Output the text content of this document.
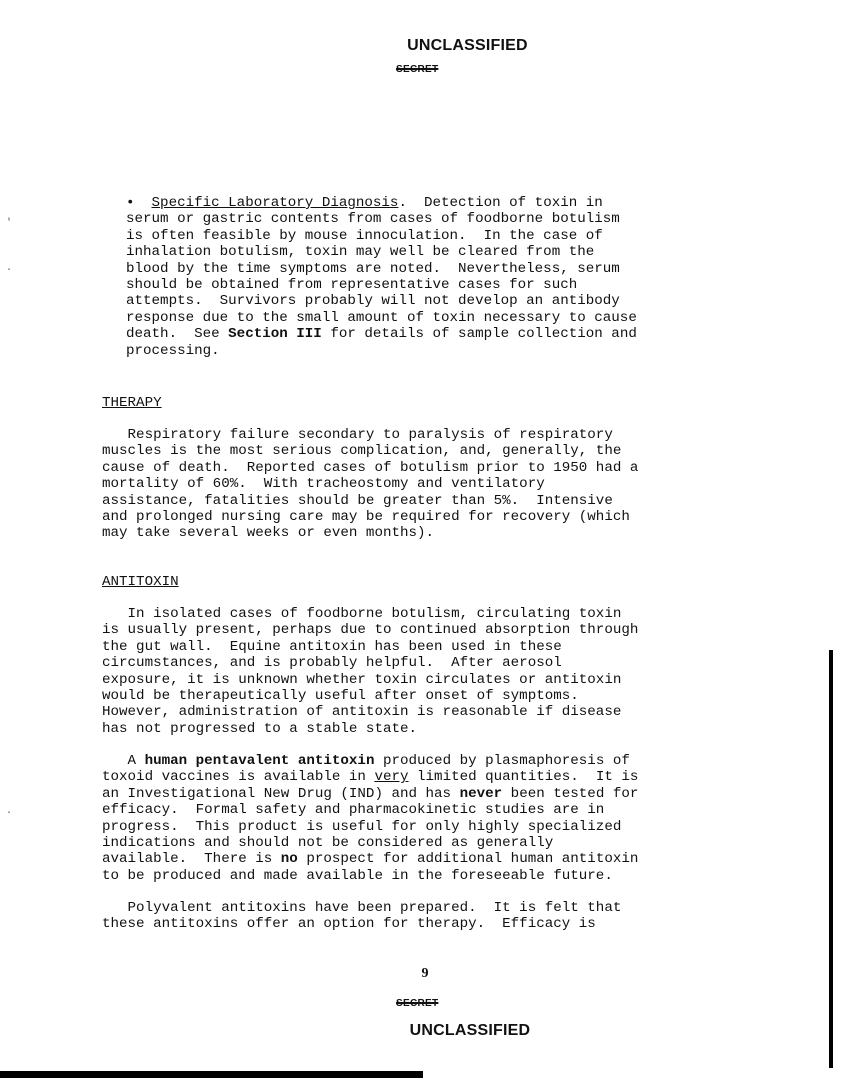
UNCLASSIFIED
SECRET
'
·
·
• Specific Laboratory Diagnosis.  Detection of toxin in
serum or gastric contents from cases of foodborne botulism
is often feasible by mouse innoculation.  In the case of
inhalation botulism, toxin may well be cleared from the
blood by the time symptoms are noted.  Nevertheless, serum
should be obtained from representative cases for such
attempts.  Survivors probably will not develop an antibody
response due to the small amount of toxin necessary to cause
death.  See Section III for details of sample collection and
processing.
THERAPY
Respiratory failure secondary to paralysis of respiratory
muscles is the most serious complication, and, generally, the
cause of death.  Reported cases of botulism prior to 1950 had a
mortality of 60%.  With tracheostomy and ventilatory
assistance, fatalities should be greater than 5%.  Intensive
and prolonged nursing care may be required for recovery (which
may take several weeks or even months).
ANTITOXIN
In isolated cases of foodborne botulism, circulating toxin
is usually present, perhaps due to continued absorption through
the gut wall.  Equine antitoxin has been used in these
circumstances, and is probably helpful.  After aerosol
exposure, it is unknown whether toxin circulates or antitoxin
would be therapeutically useful after onset of symptoms.
However, administration of antitoxin is reasonable if disease
has not progressed to a stable state.
A human pentavalent antitoxin produced by plasmaphoresis of
toxoid vaccines is available in very limited quantities.  It is
an Investigational New Drug (IND) and has never been tested for
efficacy.  Formal safety and pharmacokinetic studies are in
progress.  This product is useful for only highly specialized
indications and should not be considered as generally
available.  There is no prospect for additional human antitoxin
to be produced and made available in the foreseeable future.
Polyvalent antitoxins have been prepared.  It is felt that
these antitoxins offer an option for therapy.  Efficacy is
9
SECRET
UNCLASSIFIED
